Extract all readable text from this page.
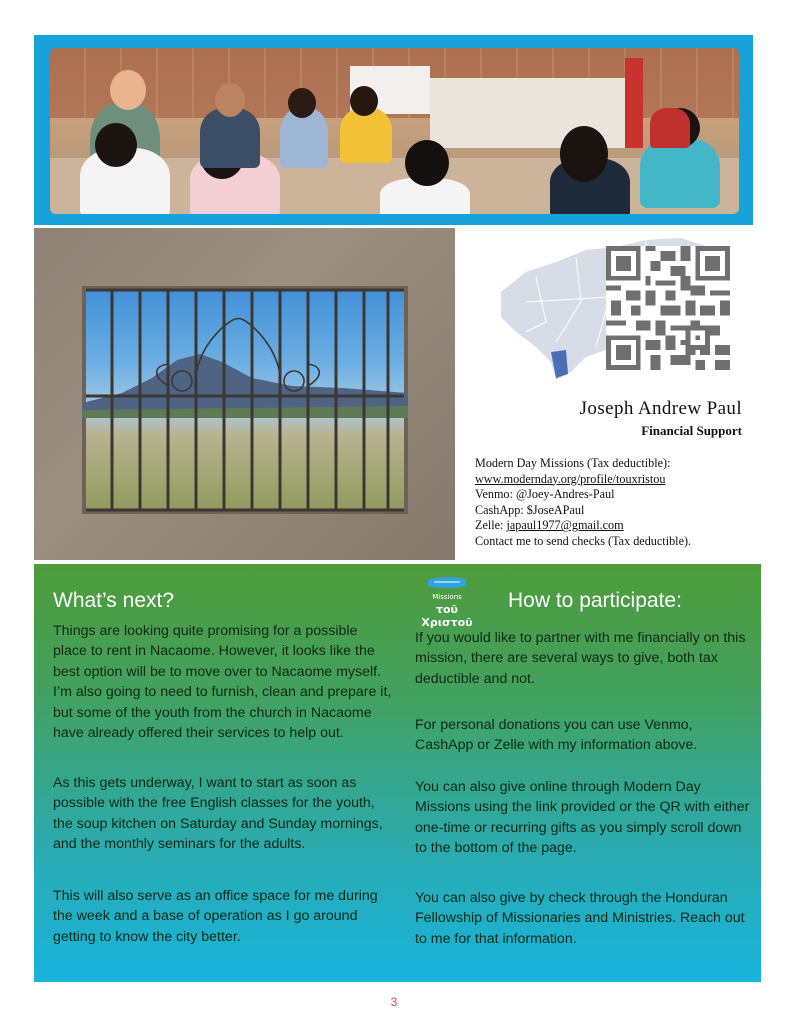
Joseph Andrew Paul
Financial Support
Modern Day Missions (Tax deductible):
www.modernday.org/profile/touxristou
Venmo: @Joey-Andres-Paul
CashApp: $JoseAPaul
Zelle: japaul1977@gmail.com
Contact me to send checks (Tax deductible).
What’s next?
Things are looking quite promising for a possible place to rent in Nacaome. However, it looks like the best option will be to move over to Nacaome myself. I’m also going to need to furnish, clean and prepare it, but some of the youth from the church in Nacaome have already offered their services to help out.
As this gets underway, I want to start as soon as possible with the free English classes for the youth, the soup kitchen on Saturday and Sunday mornings, and the monthly seminars for the adults.
This will also serve as an office space for me during the week and a base of operation as I go around getting to know the city better.
Missions
τοῦ Χριστοῦ
How to participate:
If you would like to partner with me financially on this mission, there are several ways to give, both tax deductible and not.
For personal donations you can use Venmo, CashApp or Zelle with my information above.
You can also give online through Modern Day Missions using the link provided or the QR with either one-time or recurring gifts as you simply scroll down to the bottom of the page.
You can also give by check through the Honduran Fellowship of Missionaries and Ministries. Reach out to me for that information.
3
